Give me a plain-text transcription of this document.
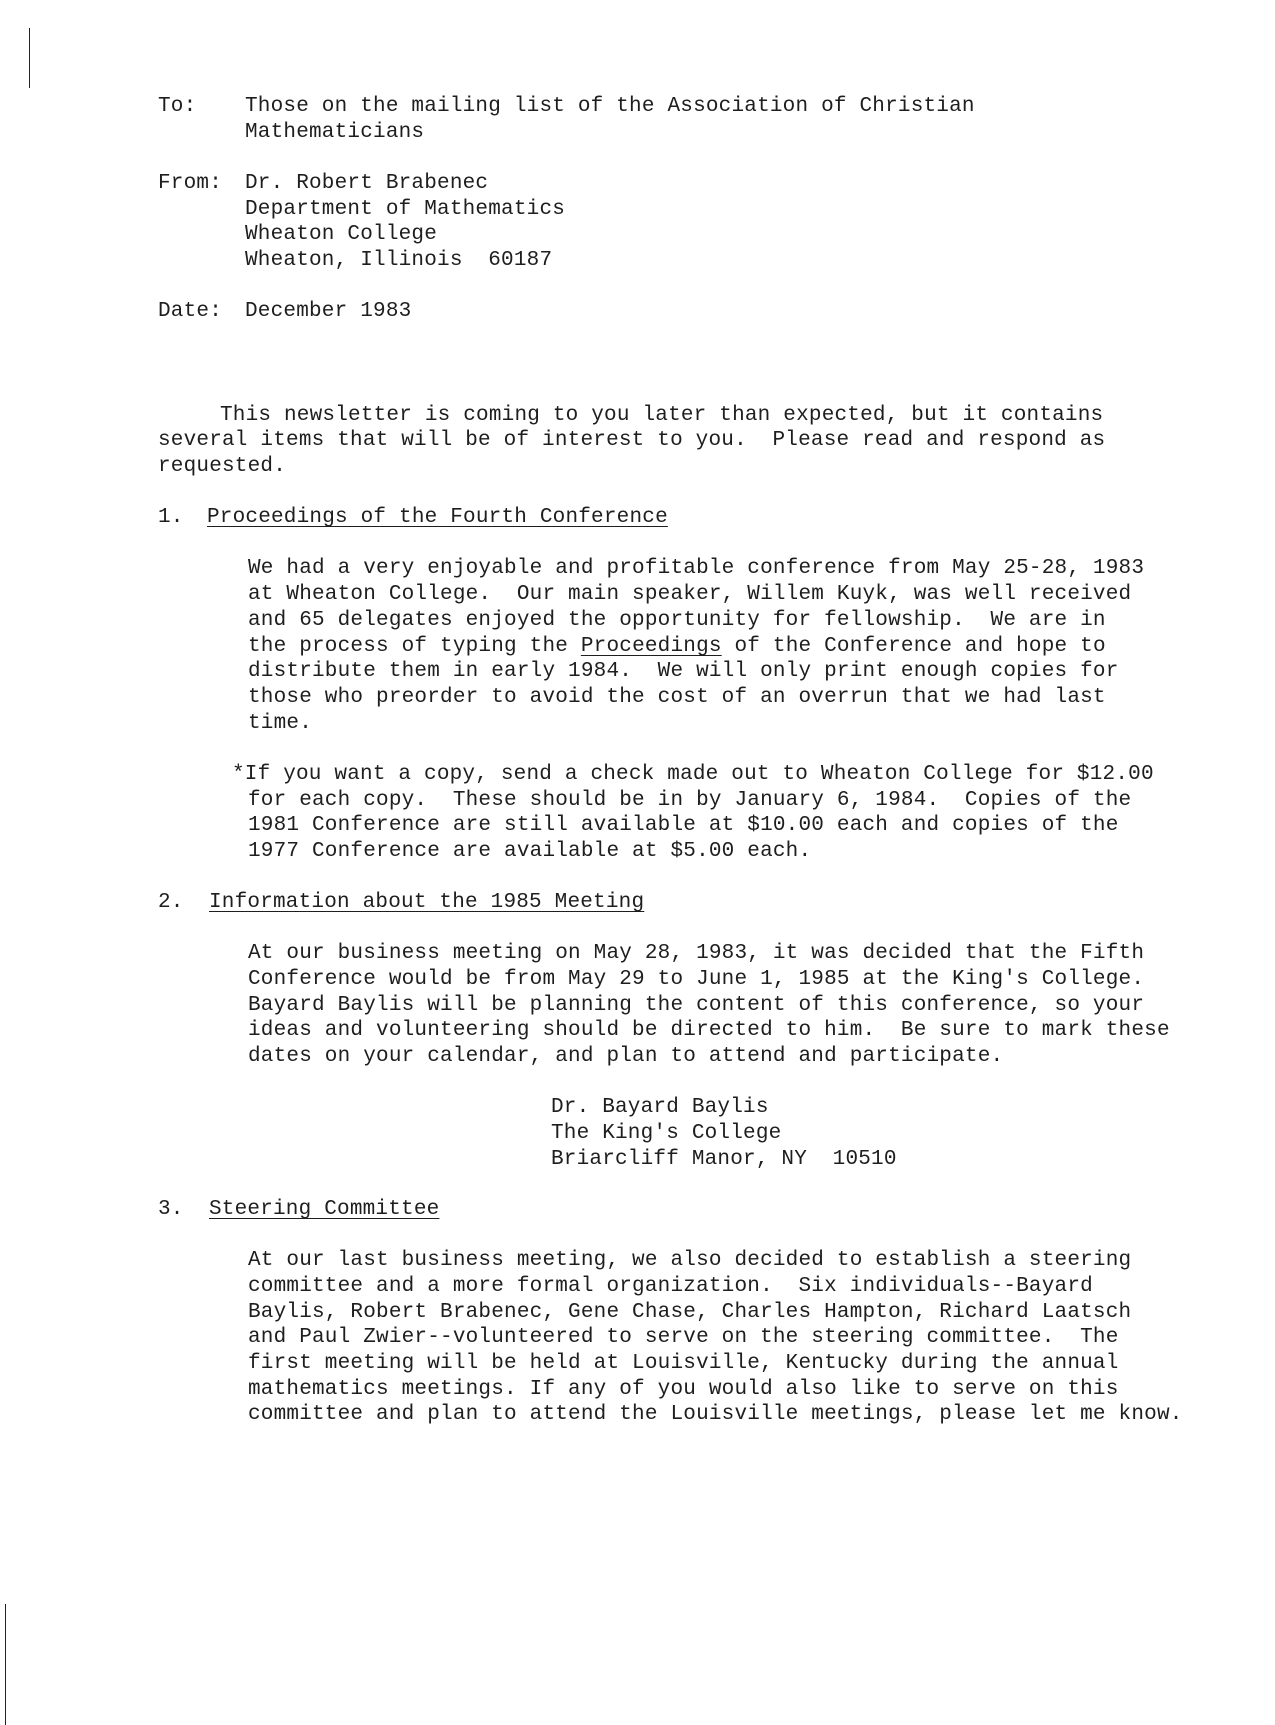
To: Those on the mailing list of the Association of Christian
Mathematicians
From: Dr. Robert Brabenec
Department of Mathematics
Wheaton College
Wheaton, Illinois  60187
Date: December 1983
This newsletter is coming to you later than expected, but it contains
several items that will be of interest to you.  Please read and respond as
requested.
1. Proceedings of the Fourth Conference
We had a very enjoyable and profitable conference from May 25-28, 1983
at Wheaton College.  Our main speaker, Willem Kuyk, was well received
and 65 delegates enjoyed the opportunity for fellowship.  We are in
the process of typing the Proceedings of the Conference and hope to
distribute them in early 1984.  We will only print enough copies for
those who preorder to avoid the cost of an overrun that we had last
time.
*If you want a copy, send a check made out to Wheaton College for $12.00
for each copy.  These should be in by January 6, 1984.  Copies of the
1981 Conference are still available at $10.00 each and copies of the
1977 Conference are available at $5.00 each.
2. Information about the 1985 Meeting
At our business meeting on May 28, 1983, it was decided that the Fifth
Conference would be from May 29 to June 1, 1985 at the King's College.
Bayard Baylis will be planning the content of this conference, so your
ideas and volunteering should be directed to him.  Be sure to mark these
dates on your calendar, and plan to attend and participate.
Dr. Bayard Baylis
The King's College
Briarcliff Manor, NY  10510
3. Steering Committee
At our last business meeting, we also decided to establish a steering
committee and a more formal organization.  Six individuals--Bayard
Baylis, Robert Brabenec, Gene Chase, Charles Hampton, Richard Laatsch
and Paul Zwier--volunteered to serve on the steering committee.  The
first meeting will be held at Louisville, Kentucky during the annual
mathematics meetings. If any of you would also like to serve on this
committee and plan to attend the Louisville meetings, please let me know.
